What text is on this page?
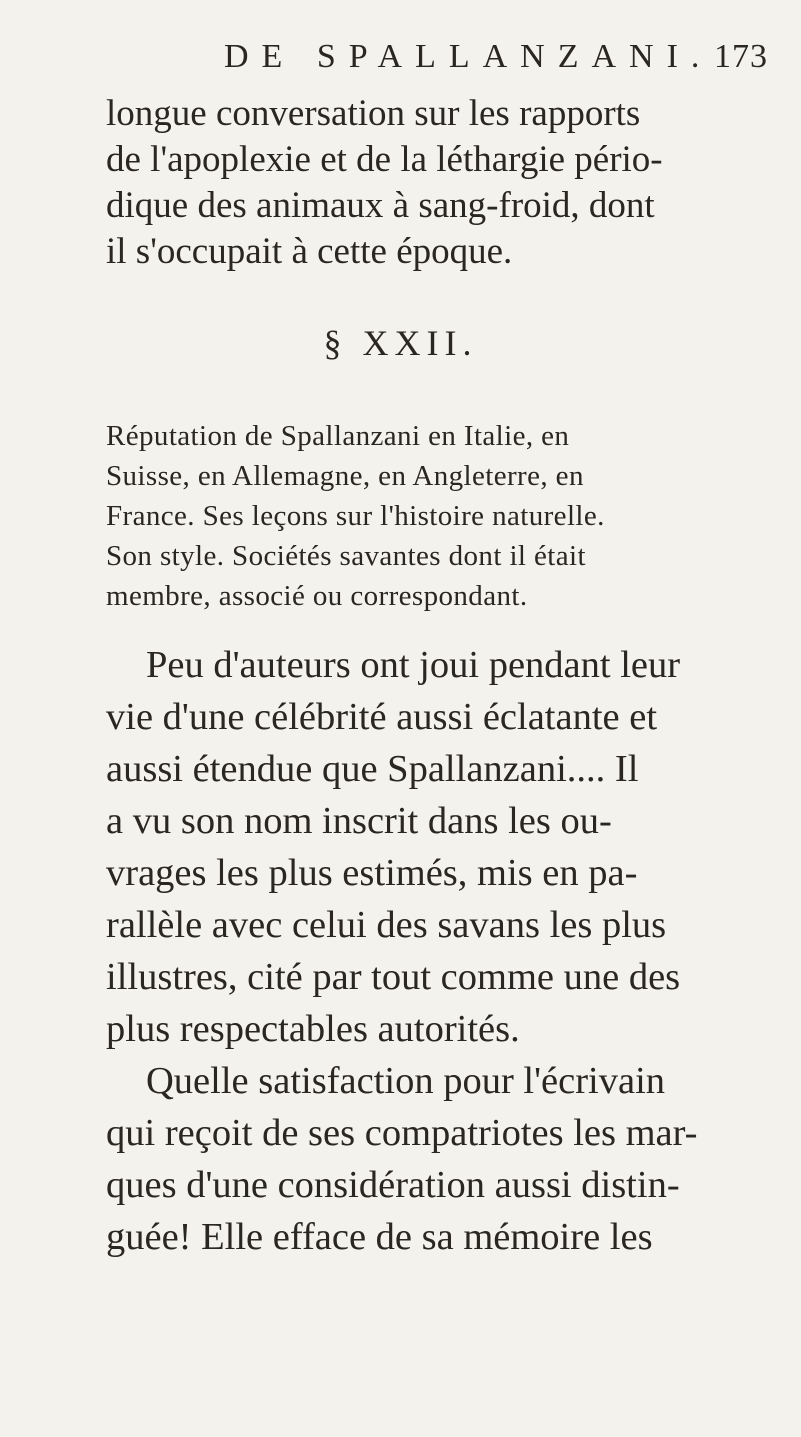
DE SPALLANZANI. 173
longue conversation sur les rapports
de l'apoplexie et de la léthargie pério-
dique des animaux à sang-froid, dont
il s'occupait à cette époque.
§ XXII.
Réputation de Spallanzani en Italie, en
Suisse, en Allemagne, en Angleterre, en
France. Ses leçons sur l'histoire naturelle.
Son style. Sociétés savantes dont il était
membre, associé ou correspondant.
Peu d'auteurs ont joui pendant leur
vie d'une célébrité aussi éclatante et
aussi étendue que Spallanzani.... Il
a vu son nom inscrit dans les ou-
vrages les plus estimés, mis en pa-
rallèle avec celui des savans les plus
illustres, cité par tout comme une des
plus respectables autorités.
Quelle satisfaction pour l'écrivain
qui reçoit de ses compatriotes les mar-
ques d'une considération aussi distin-
guée! Elle efface de sa mémoire les
